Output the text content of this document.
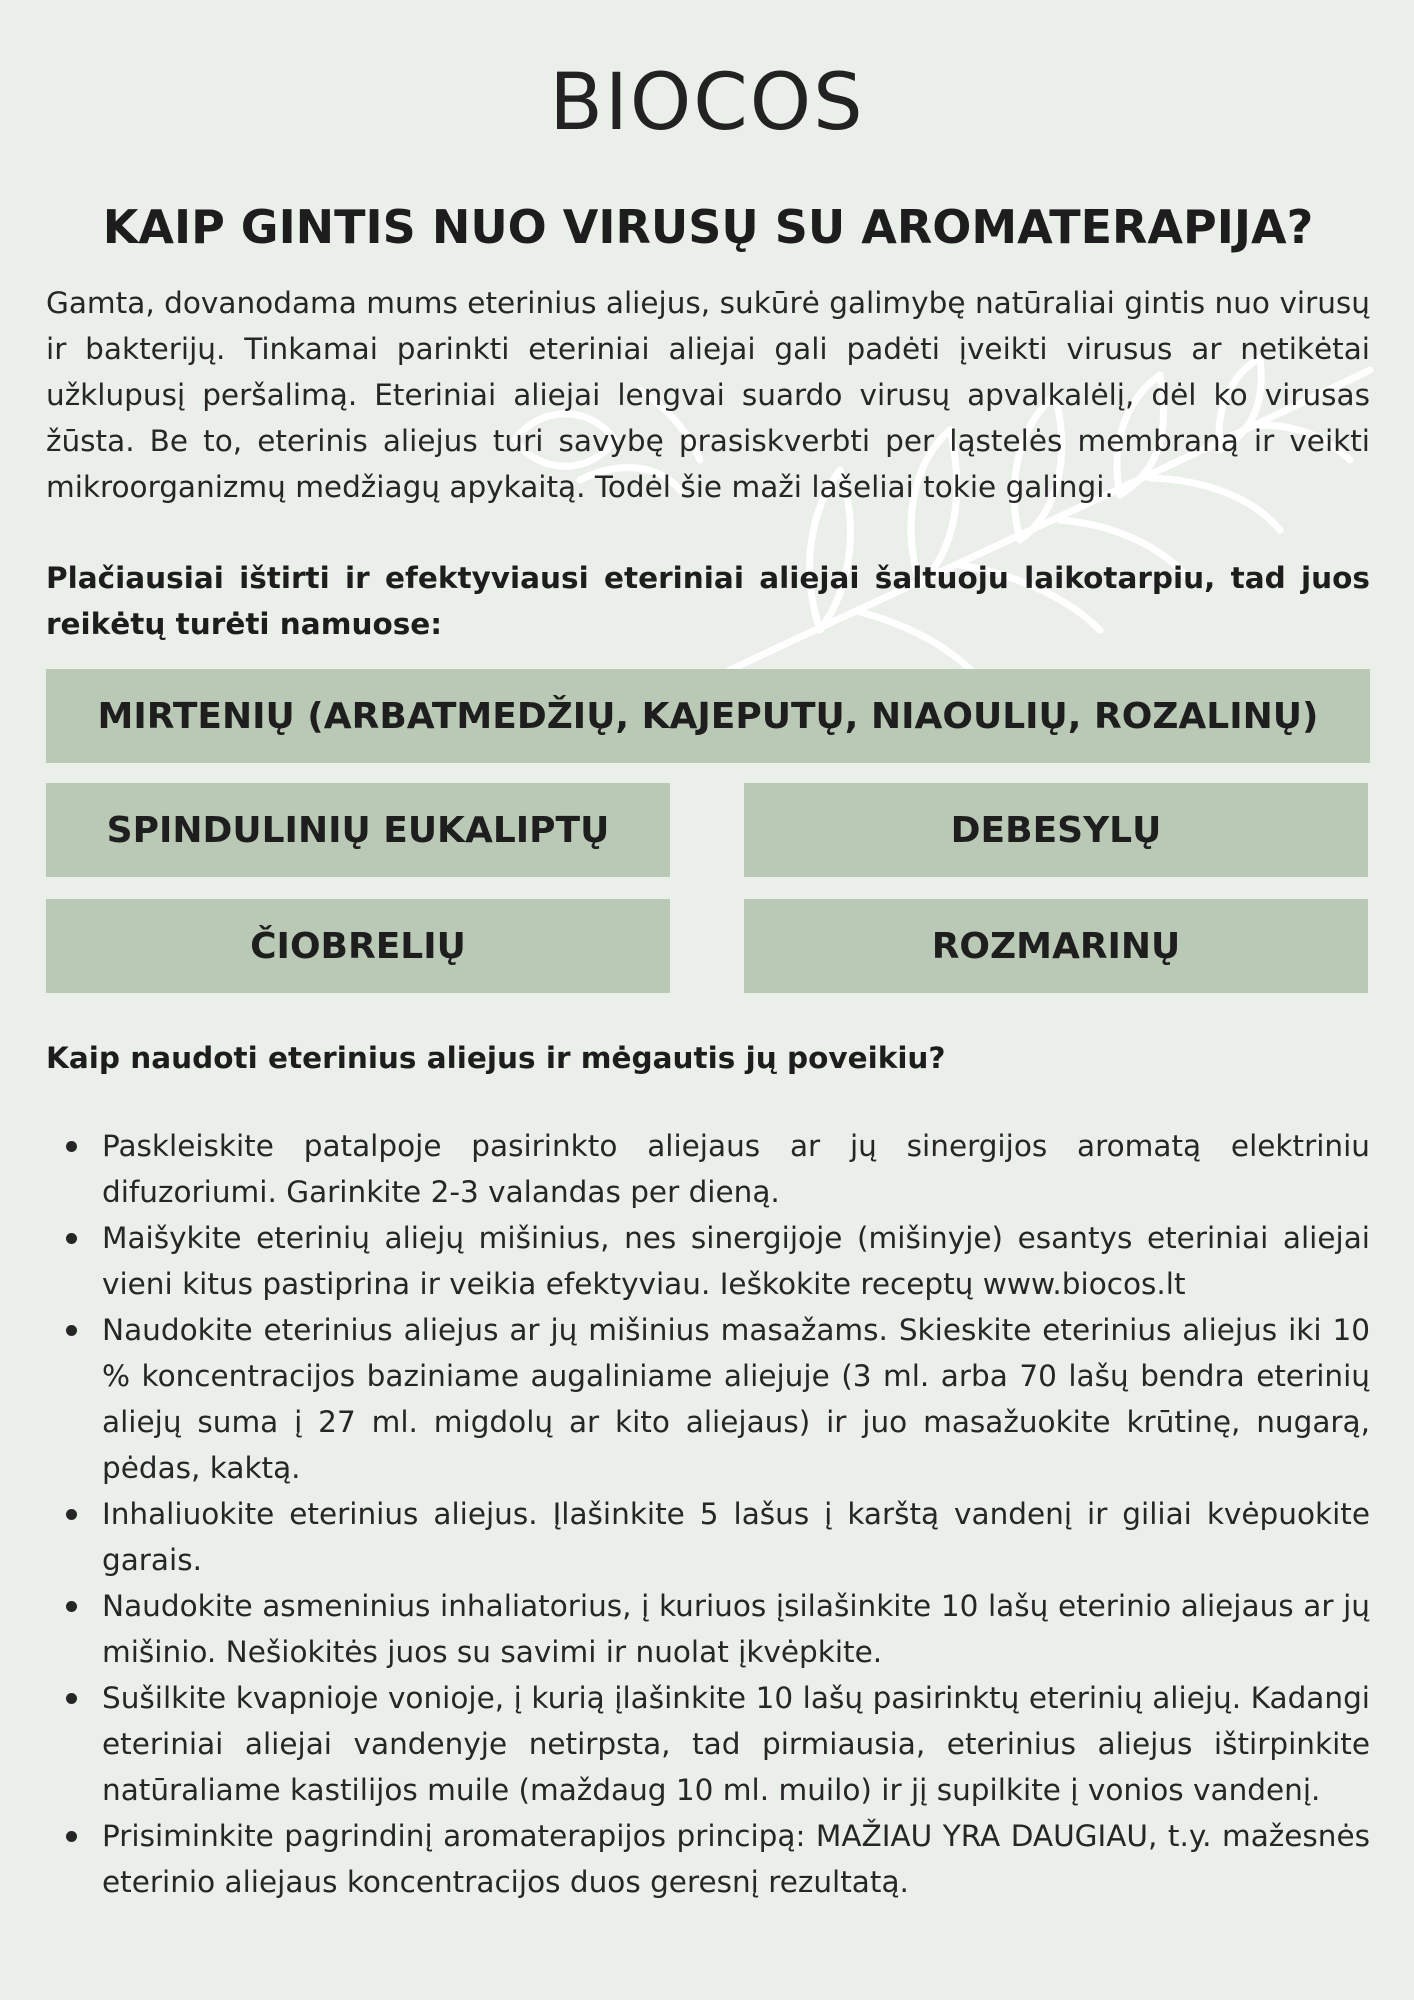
BIOCOS
KAIP GINTIS NUO VIRUSŲ SU AROMATERAPIJA?

Gamta, dovanodama mums eterinius aliejus, sukūrė galimybę natūraliai gintis nuo virusų ir bakterijų. Tinkamai parinkti eteriniai aliejai gali padėti įveikti virusus ar netikėtai užklupusį peršalimą. Eteriniai aliejai lengvai suardo virusų apvalkalėlį, dėl ko virusas žūsta. Be to, eterinis aliejus turi savybę prasiskverbti per ląstelės membraną ir veikti mikroorganizmų medžiagų apykaitą. Todėl šie maži lašeliai tokie galingi.

Plačiausiai ištirti ir efektyviausi eteriniai aliejai šaltuoju laikotarpiu, tad juos reikėtų turėti namuose:

MIRTENIŲ (ARBATMEDŽIŲ, KAJEPUTŲ, NIAOULIŲ, ROZALINŲ)
SPINDULINIŲ EUKALIPTŲ	DEBESYLŲ
ČIOBRELIŲ	ROZMARINŲ

Kaip naudoti eterinius aliejus ir mėgautis jų poveikiu?

Paskleiskite patalpoje pasirinkto aliejaus ar jų sinergijos aromatą elektriniu difuzoriumi. Garinkite 2-3 valandas per dieną.
Maišykite eterinių aliejų mišinius, nes sinergijoje (mišinyje) esantys eteriniai aliejai vieni kitus pastiprina ir veikia efektyviau. Ieškokite receptų www.biocos.lt
Naudokite eterinius aliejus ar jų mišinius masažams. Skieskite eterinius aliejus iki 10 % koncentracijos baziniame augaliniame aliejuje (3 ml. arba 70 lašų bendra eterinių aliejų suma į 27 ml. migdolų ar kito aliejaus) ir juo masažuokite krūtinę, nugarą, pėdas, kaktą.
Inhaliuokite eterinius aliejus. Įlašinkite 5 lašus į karštą vandenį ir giliai kvėpuokite garais.
Naudokite asmeninius inhaliatorius, į kuriuos įsilašinkite 10 lašų eterinio aliejaus ar jų mišinio. Nešiokitės juos su savimi ir nuolat įkvėpkite.
Sušilkite kvapnioje vonioje, į kurią įlašinkite 10 lašų pasirinktų eterinių aliejų. Kadangi eteriniai aliejai vandenyje netirpsta, tad pirmiausia, eterinius aliejus ištirpinkite natūraliame kastilijos muile (maždaug 10 ml. muilo) ir jį supilkite į vonios vandenį.
Prisiminkite pagrindinį aromaterapijos principą: MAŽIAU YRA DAUGIAU, t.y. mažesnės eterinio aliejaus koncentracijos duos geresnį rezultatą.
